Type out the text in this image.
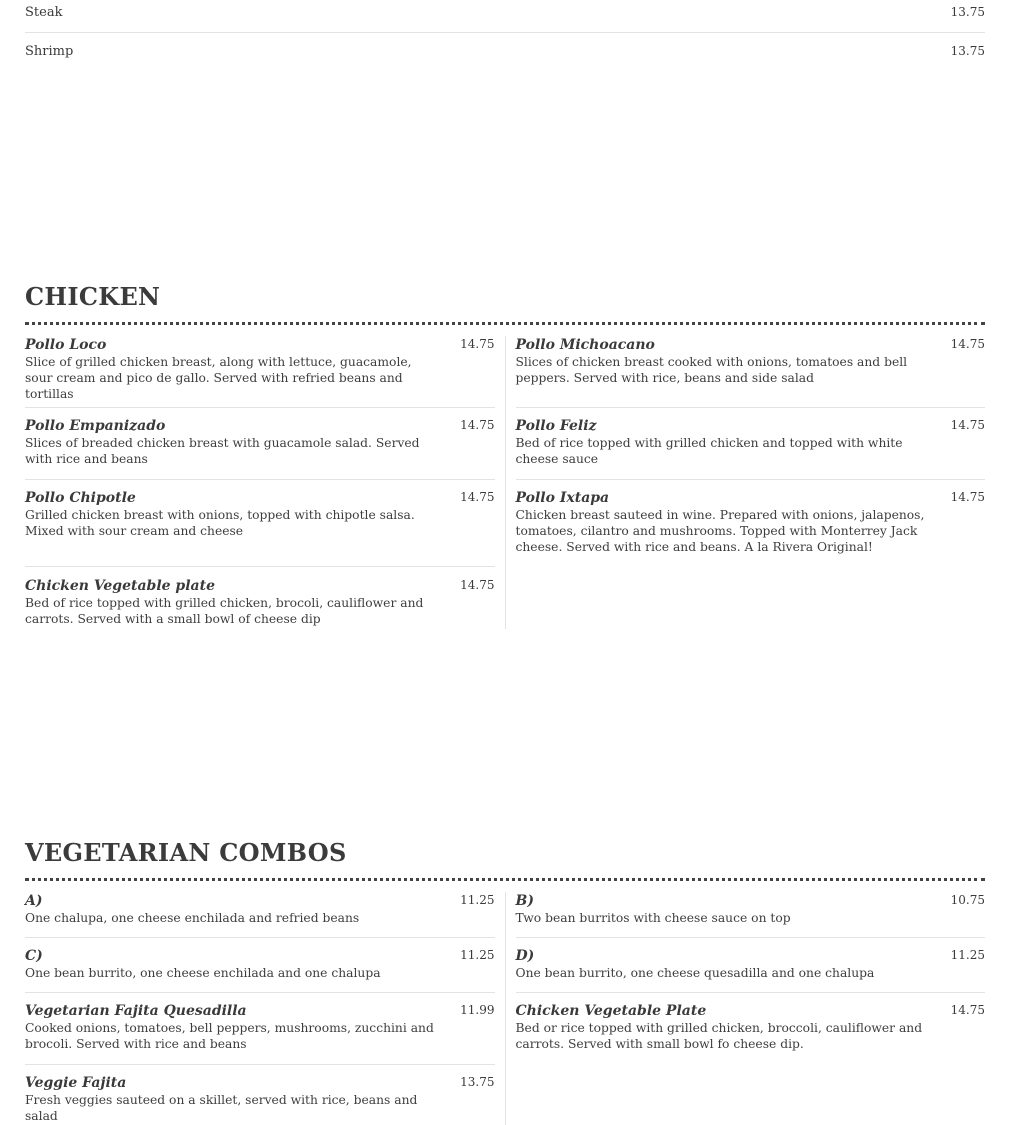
Steak	13.75
Shrimp	13.75
CHICKEN
Pollo Loco
Slice of grilled chicken breast, along with lettuce, guacamole, sour cream and pico de gallo. Served with refried beans and tortillas
14.75
Pollo Empanizado
Slices of breaded chicken breast with guacamole salad. Served with rice and beans
14.75
Pollo Chipotle
Grilled chicken breast with onions, topped with chipotle salsa. Mixed with sour cream and cheese
14.75
Chicken Vegetable plate
Bed of rice topped with grilled chicken, brocoli, cauliflower and carrots. Served with a small bowl of cheese dip
14.75
Pollo Michoacano
Slices of chicken breast cooked with onions, tomatoes and bell peppers. Served with rice, beans and side salad
14.75
Pollo Feliz
Bed of rice topped with grilled chicken and topped with white cheese sauce
14.75
Pollo Ixtapa
Chicken breast sauteed in wine. Prepared with onions, jalapenos, tomatoes, cilantro and mushrooms. Topped with Monterrey Jack cheese. Served with rice and beans. A la Rivera Original!
14.75
VEGETARIAN COMBOS
A)
One chalupa, one cheese enchilada and refried beans
11.25
C)
One bean burrito, one cheese enchilada and one chalupa
11.25
Vegetarian Fajita Quesadilla
Cooked onions, tomatoes, bell peppers, mushrooms, zucchini and brocoli. Served with rice and beans
11.99
Veggie Fajita
Fresh veggies sauteed on a skillet, served with rice, beans and salad
13.75
B)
Two bean burritos with cheese sauce on top
10.75
D)
One bean burrito, one cheese quesadilla and one chalupa
11.25
Chicken Vegetable Plate
Bed or rice topped with grilled chicken, broccoli, cauliflower and carrots. Served with small bowl fo cheese dip.
14.75
